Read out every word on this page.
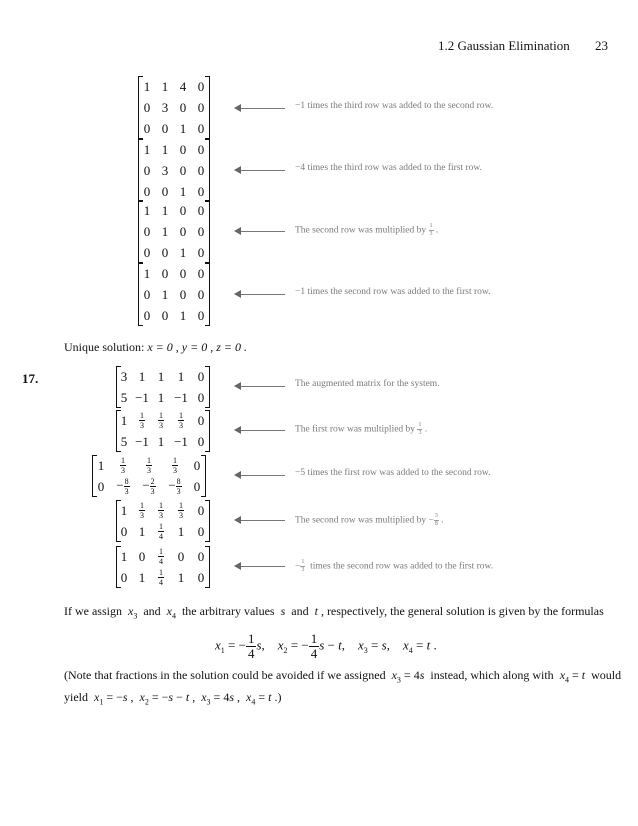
1.2 Gaussian Elimination 23
1	1	4	0
0	3	0	0
0	0	1	0
−1 times the third row was added to the second row.
1	1	0	0
0	3	0	0
0	0	1	0
−4 times the third row was added to the first row.
1	1	0	0
0	1	0	0
0	0	1	0
The second row was multiplied by $\frac{1}{3}$ .
1	0	0	0
0	1	0	0
0	0	1	0
−1 times the second row was added to the first row.
Unique solution: x = 0 , y = 0 , z = 0 .
17.	3	1	1	1	0
5	−1	1	−1	0
The augmented matrix for the system.
1	$\frac{1}{3}$	$\frac{1}{3}$	$\frac{1}{3}$	0
5	−1	1	−1	0
The first row was multiplied by $\frac{1}{3}$ .
1	$\frac{1}{3}$	$\frac{1}{3}$	$\frac{1}{3}$	0
0	− $\frac{8}{3}$	− $\frac{2}{3}$	− $\frac{8}{3}$	0
−5 times the first row was added to the second row.
1	$\frac{1}{3}$	$\frac{1}{3}$	$\frac{1}{3}$	0
0	1	$\frac{1}{4}$	1	0
The second row was multiplied by − $\frac{3}{8}$ .
1	0	$\frac{1}{4}$	0	0
0	1	$\frac{1}{4}$	1	0
− $\frac{1}{3}$ times the second row was added to the first row.
If we assign $x_3$ and $x_4$ the arbitrary values s and t , respectively, the general solution is given by the formulas
$x_1$ = − $\frac{1}{4} s$,    $x_2$ = − $\frac{1}{4}$ s − t,    $x_3 = s$,    $x_4 = t$ .
(Note that fractions in the solution could be avoided if we assigned $x_3 = 4s$ instead, which along with $x_4 = t$ would
yield $x_1 = -s$ ,  $x_2 = -s - t$ ,  $x_3 = 4s$ ,  $x_4 = t$ .)
